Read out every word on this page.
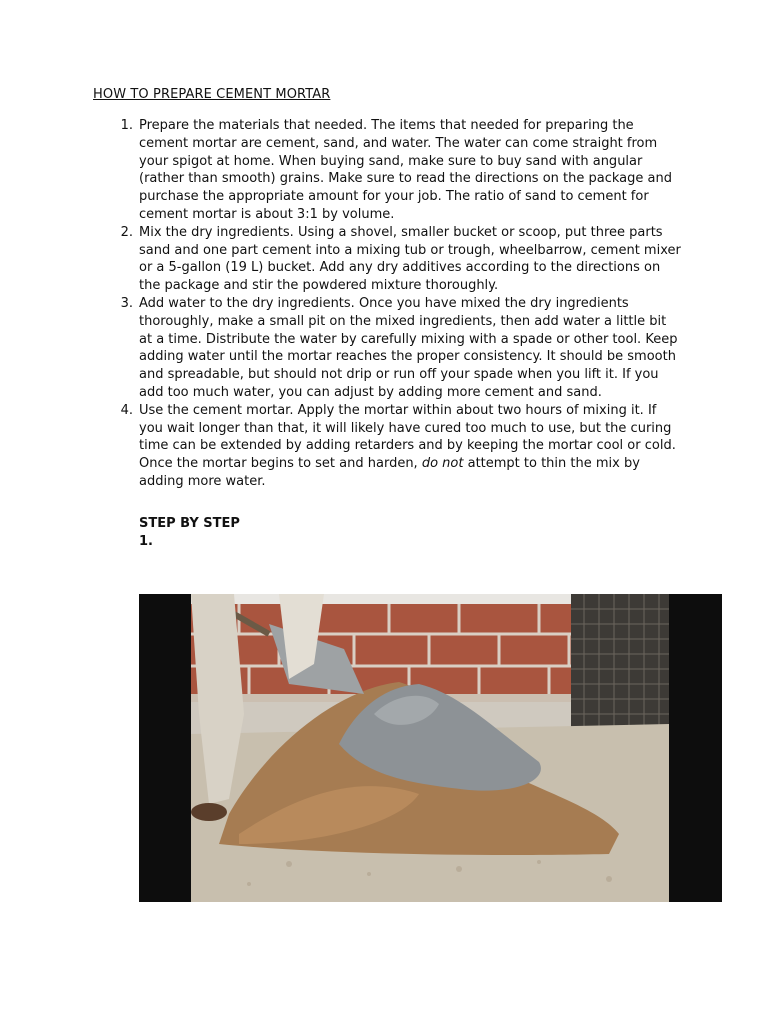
HOW TO PREPARE CEMENT MORTAR
1. Prepare the materials that needed. The items that needed for preparing the cement mortar are cement, sand, and water. The water can come straight from your spigot at home. When buying sand, make sure to buy sand with angular (rather than smooth) grains. Make sure to read the directions on the package and purchase the appropriate amount for your job. The ratio of sand to cement for cement mortar is about 3:1 by volume.
2. Mix the dry ingredients. Using a shovel, smaller bucket or scoop, put three parts sand and one part cement into a mixing tub or trough, wheelbarrow, cement mixer or a 5-gallon (19 L) bucket. Add any dry additives according to the directions on the package and stir the powdered mixture thoroughly.
3. Add water to the dry ingredients. Once you have mixed the dry ingredients thoroughly, make a small pit on the mixed ingredients, then add water a little bit at a time. Distribute the water by carefully mixing with a spade or other tool. Keep adding water until the mortar reaches the proper consistency. It should be smooth and spreadable, but should not drip or run off your spade when you lift it. If you add too much water, you can adjust by adding more cement and sand.
4. Use the cement mortar. Apply the mortar within about two hours of mixing it. If you wait longer than that, it will likely have cured too much to use, but the curing time can be extended by adding retarders and by keeping the mortar cool or cold. Once the mortar begins to set and harden, do not attempt to thin the mix by adding more water.
STEP BY STEP
1.
